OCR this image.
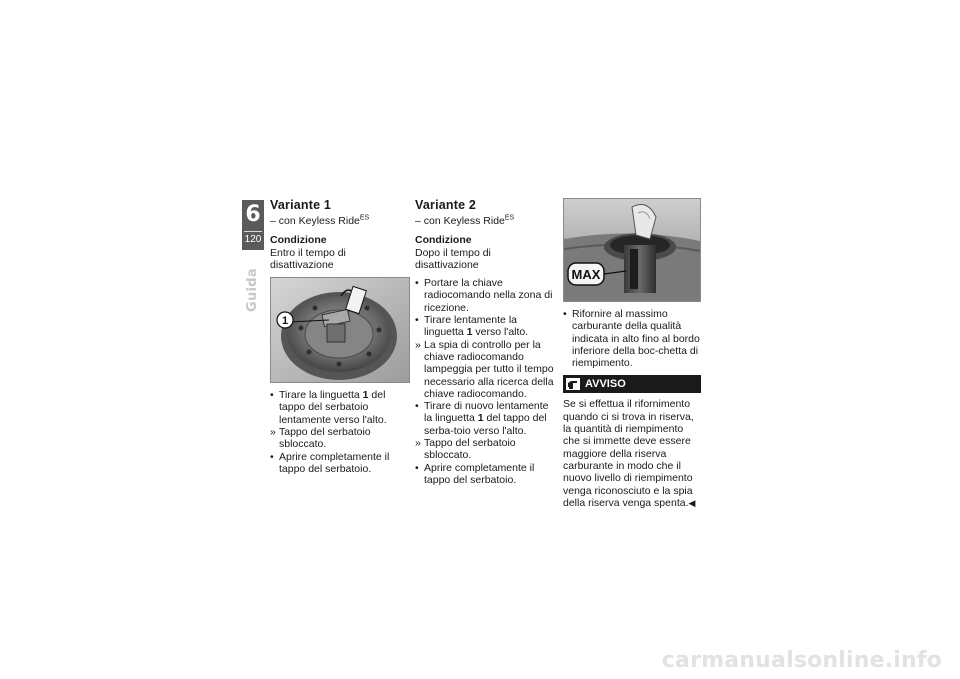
6
120
Guida
Variante 1

– con Keyless Ride$^{ES}$

Condizione

Entro il tempo di disattivazione

1
• Tirare la linguetta 1 del tappo del serbatoio lentamente verso l'alto.
» Tappo del serbatoio sbloccato.
• Aprire completamente il tappo del serbatoio.
Variante 2

– con Keyless Ride$^{ES}$

Condizione

Dopo il tempo di disattivazione

• Portare la chiave radiocomando nella zona di ricezione.
• Tirare lentamente la linguetta 1 verso l'alto.
» La spia di controllo per la chiave radiocomando lampeggia per tutto il tempo necessario alla ricerca della chiave radiocomando.
• Tirare di nuovo lentamente la linguetta 1 del tappo del serba-toio verso l'alto.
» Tappo del serbatoio sbloccato.
• Aprire completamente il tappo del serbatoio.
MAX
• Rifornire al massimo carburante della qualità indicata in alto fino al bordo inferiore della boc-chetta di riempimento.
AVVISO

Se si effettua il rifornimento quando ci si trova in riserva, la quantità di riempimento che si immette deve essere maggiore della riserva carburante in modo che il nuovo livello di riempimento venga riconosciuto e la spia della riserva venga spenta.◀

carmanualsonline.info
